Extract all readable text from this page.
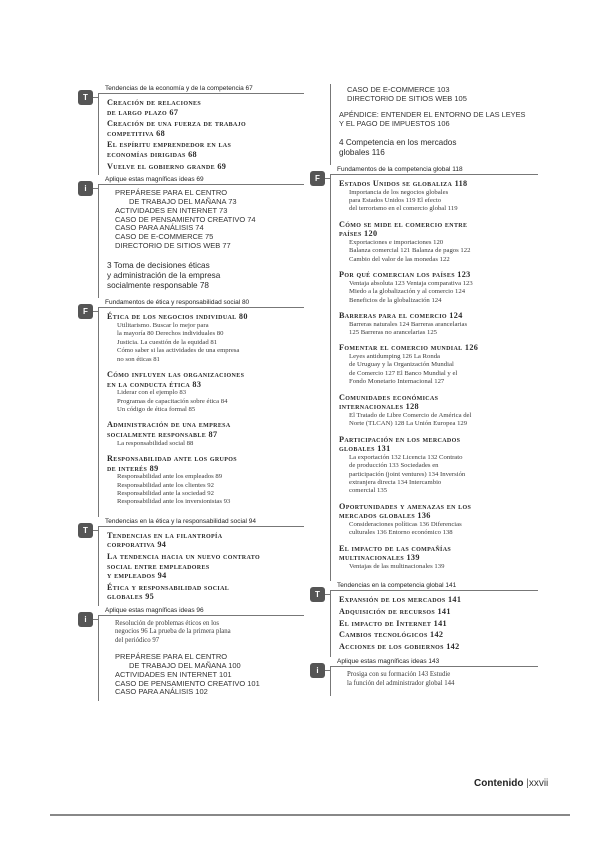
Tendencias de la economía y de la competencia 67
T
Creación de relaciones
de largo plazo 67
Creación de una fuerza de trabajo
competitiva 68
El espíritu emprendedor en las
economías dirigidas 68
Vuelve el gobierno grande 69
Aplique estas magníficas ideas 69
i	PREPÁRESE PARA EL CENTRO
DE TRABAJO DEL MAÑANA 73
ACTIVIDADES EN INTERNET 73
CASO DE PENSAMIENTO CREATIVO 74
CASO PARA ANÁLISIS 74
CASO DE E-COMMERCE 75
DIRECTORIO DE SITIOS WEB 77
3 Toma de decisiones éticas
y administración de la empresa
socialmente responsable 78
Fundamentos de ética y responsabilidad social 80
F
Ética de los negocios individual 80
Utilitarismo. Buscar lo mejor para
la mayoría 80 Derechos individuales 80
Justicia. La cuestión de la equidad 81
Cómo saber si las actividades de una empresa
no son éticas 81
Cómo influyen las organizaciones
en la conducta ética 83
Liderar con el ejemplo 83
Programas de capacitación sobre ética 84
Un código de ética formal 85
Administración de una empresa
socialmente responsable 87
La responsabilidad social 88
Responsabilidad ante los grupos
de interés 89
Responsabilidad ante los empleados 89
Responsabilidad ante los clientes 92
Responsabilidad ante la sociedad 92
Responsabilidad ante los inversionistas 93
Tendencias en la ética y la responsabilidad social 94
T
Tendencias en la filantropía
corporativa 94
La tendencia hacia un nuevo contrato
social entre empleadores
y empleados 94
Ética y responsabilidad social
globales 95
Aplique estas magníficas ideas 96
i	Resolución de problemas éticos en los
negocios 96 La prueba de la primera plana
del periódico 97
PREPÁRESE PARA EL CENTRO
DE TRABAJO DEL MAÑANA 100
ACTIVIDADES EN INTERNET 101
CASO DE PENSAMIENTO CREATIVO 101
CASO PARA ANÁLISIS 102
CASO DE E-COMMERCE 103
DIRECTORIO DE SITIOS WEB 105
APÉNDICE: ENTENDER EL ENTORNO DE LAS LEYES
Y EL PAGO DE IMPUESTOS 106
4 Competencia en los mercados
globales 116
Fundamentos de la competencia global 118
F
Estados Unidos se globaliza 118
Importancia de los negocios globales
para Estados Unidos 119 El efecto
del terrorismo en el comercio global 119
Cómo se mide el comercio entre
países 120
Exportaciones e importaciones 120
Balanza comercial 121 Balanza de pagos 122
Cambio del valor de las monedas 122
Por qué comercian los países 123
Ventaja absoluta 123 Ventaja comparativa 123
Miedo a la globalización y al comercio 124
Beneficios de la globalización 124
Barreras para el comercio 124
Barreras naturales 124 Barreras arancelarias
125 Barreras no arancelarias 125
Fomentar el comercio mundial 126
Leyes antidumping 126 La Ronda
de Uruguay y la Organización Mundial
de Comercio 127 El Banco Mundial y el
Fondo Monetario Internacional 127
Comunidades económicas
internacionales 128
El Tratado de Libre Comercio de América del
Norte (TLCAN) 128 La Unión Europea 129
Participación en los mercados
globales 131
La exportación 132 Licencia 132 Contrato
de producción 133 Sociedades en
participación (joint ventures) 134 Inversión
extranjera directa 134 Intercambio
comercial 135
Oportunidades y amenazas en los
mercados globales 136
Consideraciones políticas 136 Diferencias
culturales 136 Entorno económico 138
El impacto de las compañías
multinacionales 139
Ventajas de las multinacionales 139
Tendencias en la competencia global 141
T
Expansión de los mercados 141
Adquisición de recursos 141
El impacto de Internet 141
Cambios tecnológicos 142
Acciones de los gobiernos 142
Aplique estas magníficas ideas 143
i	Prosiga con su formación 143 Estudie
la función del administrador global 144
Contenido |xxvii
